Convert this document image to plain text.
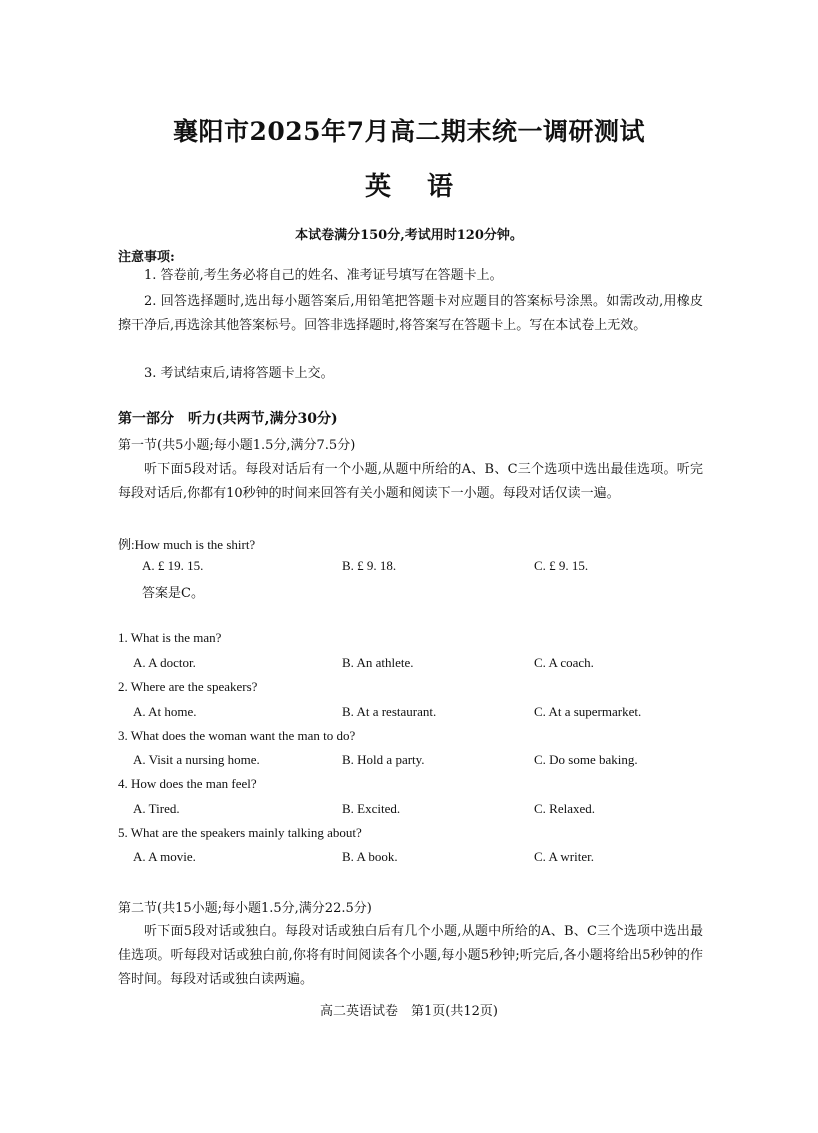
襄阳市2025年7月高二期末统一调研测试
英语
本试卷满分150分,考试用时120分钟。
注意事项:
1. 答卷前,考生务必将自己的姓名、准考证号填写在答题卡上。
2. 回答选择题时,选出每小题答案后,用铅笔把答题卡对应题目的答案标号涂黑。如需改动,用橡皮擦干净后,再选涂其他答案标号。回答非选择题时,将答案写在答题卡上。写在本试卷上无效。
3. 考试结束后,请将答题卡上交。
第一部分　听力(共两节,满分30分)
第一节(共5小题;每小题1.5分,满分7.5分)
听下面5段对话。每段对话后有一个小题,从题中所给的A、B、C三个选项中选出最佳选项。听完每段对话后,你都有10秒钟的时间来回答有关小题和阅读下一小题。每段对话仅读一遍。
例:How much is the shirt?
A. £ 19. 15.	B. £ 9. 18.	C. £ 9. 15.
答案是C。
1. What is the man?
A. A doctor.	B. An athlete.	C. A coach.
2. Where are the speakers?
A. At home.	B. At a restaurant.	C. At a supermarket.
3. What does the woman want the man to do?
A. Visit a nursing home.	B. Hold a party.	C. Do some baking.
4. How does the man feel?
A. Tired.	B. Excited.	C. Relaxed.
5. What are the speakers mainly talking about?
A. A movie.	B. A book.	C. A writer.
第二节(共15小题;每小题1.5分,满分22.5分)
听下面5段对话或独白。每段对话或独白后有几个小题,从题中所给的A、B、C三个选项中选出最佳选项。听每段对话或独白前,你将有时间阅读各个小题,每小题5秒钟;听完后,各小题将给出5秒钟的作答时间。每段对话或独白读两遍。
高二英语试卷　第1页(共12页)
